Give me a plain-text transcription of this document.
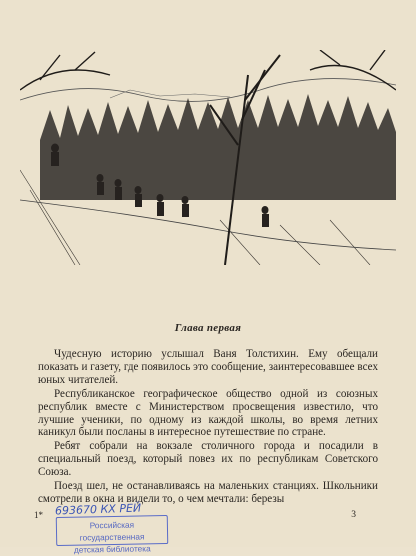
Глава первая

Чудесную историю услышал Ваня Толстихин. Ему обещали показать и газету, где появилось это сообщение, заинтересовавшее всех юных читателей.

Республиканское географическое общество одной из союзных республик вместе с Министерством просвещения известило, что лучшие ученики, по одному из каждой школы, во время летних каникул были посланы в интересное путешествие по стране.

Ребят собрали на вокзале столичного города и посадили в специальный поезд, который повез их по республикам Советского Союза.

Поезд шел, не останавливаясь на маленьких станциях. Школьники смотрели в окна и видели то, о чем мечтали: березы

1* 693670 КХ РЕЙ	3
Российская государственная
детская библиотека
